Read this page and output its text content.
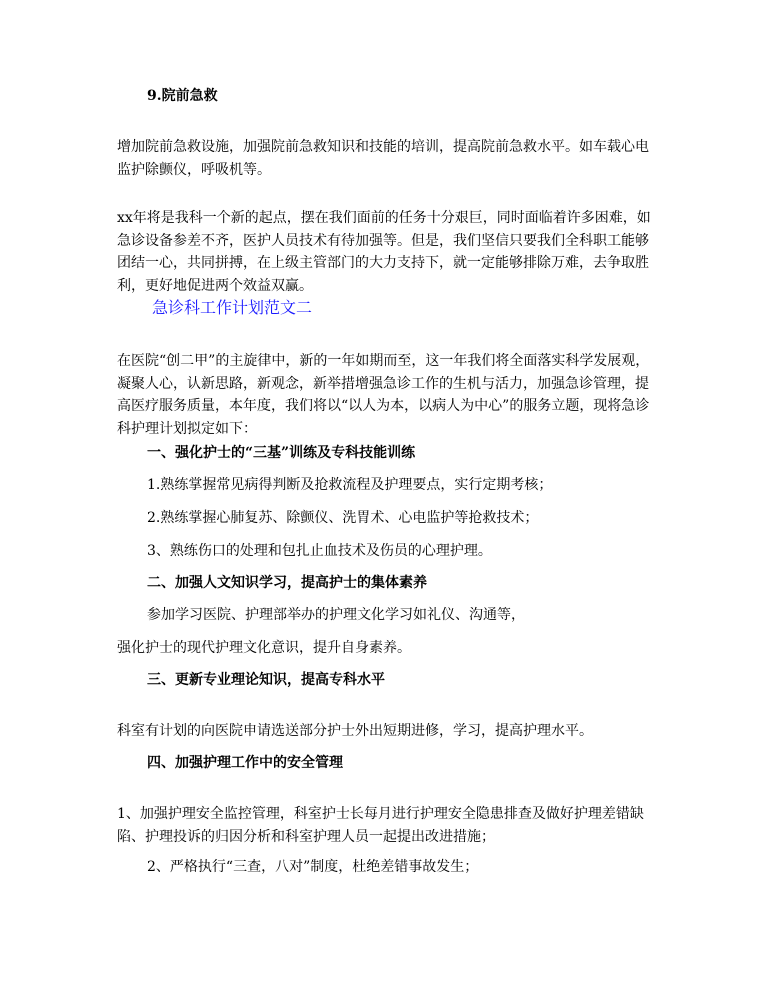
9.院前急救
增加院前急救设施，加强院前急救知识和技能的培训，提高院前急救水平。如车载心电监护除颤仪，呼吸机等。
xx年将是我科一个新的起点，摆在我们面前的任务十分艰巨，同时面临着许多困难，如急诊设备参差不齐，医护人员技术有待加强等。但是，我们坚信只要我们全科职工能够团结一心，共同拼搏，在上级主管部门的大力支持下，就一定能够排除万难，去争取胜利，更好地促进两个效益双赢。
急诊科工作计划范文二
在医院“创二甲”的主旋律中，新的一年如期而至，这一年我们将全面落实科学发展观，凝聚人心，认新思路，新观念，新举措增强急诊工作的生机与活力，加强急诊管理，提高医疗服务质量，本年度，我们将以“以人为本，以病人为中心”的服务立题，现将急诊科护理计划拟定如下：
一、强化护士的“三基”训练及专科技能训练
1.熟练掌握常见病得判断及抢救流程及护理要点，实行定期考核；
2.熟练掌握心肺复苏、除颤仪、洗胃术、心电监护等抢救技术；
3、熟练伤口的处理和包扎止血技术及伤员的心理护理。
二、加强人文知识学习，提高护士的集体素养
参加学习医院、护理部举办的护理文化学习如礼仪、沟通等，
强化护士的现代护理文化意识，提升自身素养。
三、更新专业理论知识，提高专科水平
科室有计划的向医院申请选送部分护士外出短期进修，学习，提高护理水平。
四、加强护理工作中的安全管理
1、加强护理安全监控管理，科室护士长每月进行护理安全隐患排查及做好护理差错缺陷、护理投诉的归因分析和科室护理人员一起提出改进措施；
2、严格执行“三查，八对”制度，杜绝差错事故发生；
